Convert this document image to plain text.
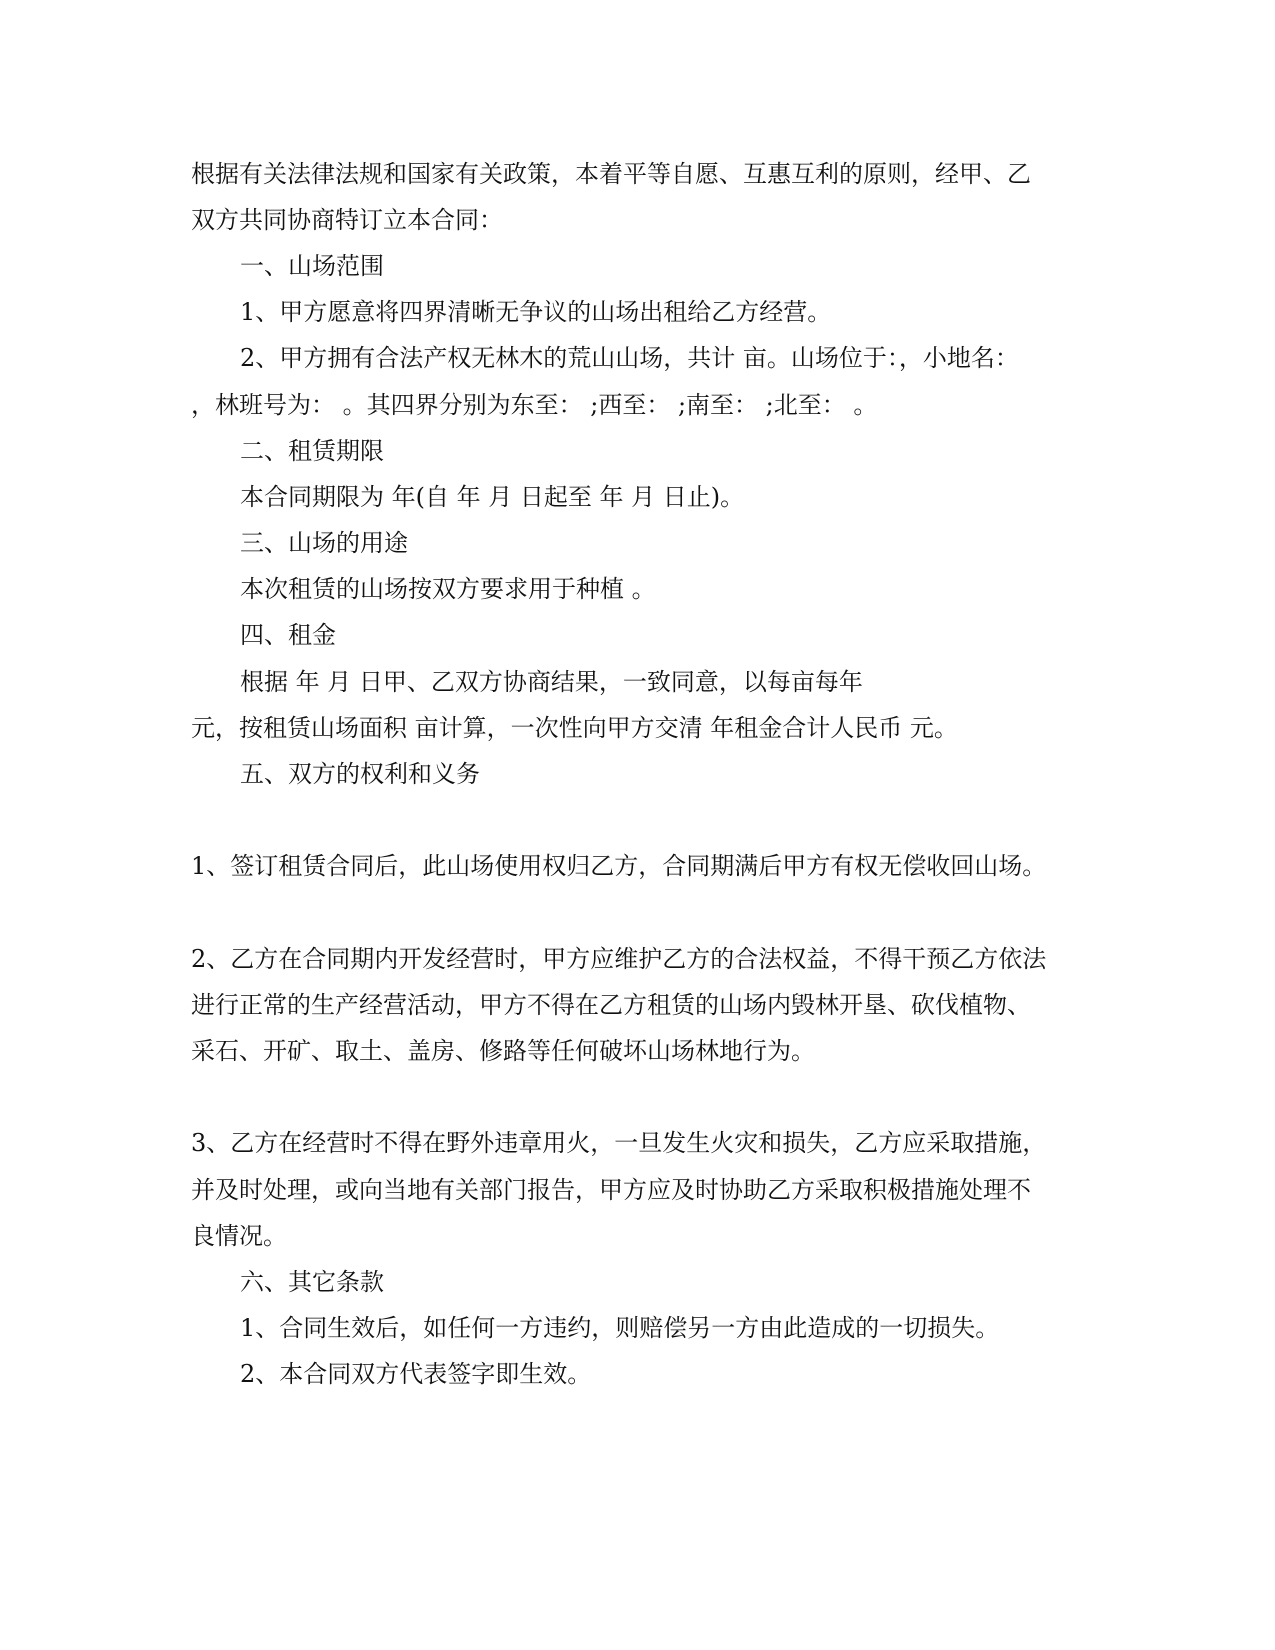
根据有关法律法规和国家有关政策，本着平等自愿、互惠互利的原则，经甲、乙
双方共同协商特订立本合同：
一、山场范围
1、甲方愿意将四界清晰无争议的山场出租给乙方经营。
2、甲方拥有合法产权无林木的荒山山场，共计 亩。山场位于：，小地名：
，林班号为： 。其四界分别为东至： ;西至： ;南至： ;北至： 。
二、租赁期限
本合同期限为 年(自 年 月 日起至 年 月 日止)。
三、山场的用途
本次租赁的山场按双方要求用于种植 。
四、租金
根据 年 月 日甲、乙双方协商结果，一致同意，以每亩每年
元，按租赁山场面积 亩计算，一次性向甲方交清 年租金合计人民币 元。
五、双方的权利和义务
1、签订租赁合同后，此山场使用权归乙方，合同期满后甲方有权无偿收回山场。
2、乙方在合同期内开发经营时，甲方应维护乙方的合法权益，不得干预乙方依法
进行正常的生产经营活动，甲方不得在乙方租赁的山场内毁林开垦、砍伐植物、
采石、开矿、取土、盖房、修路等任何破坏山场林地行为。
3、乙方在经营时不得在野外违章用火，一旦发生火灾和损失，乙方应采取措施，
并及时处理，或向当地有关部门报告，甲方应及时协助乙方采取积极措施处理不
良情况。
六、其它条款
1、合同生效后，如任何一方违约，则赔偿另一方由此造成的一切损失。
2、本合同双方代表签字即生效。
